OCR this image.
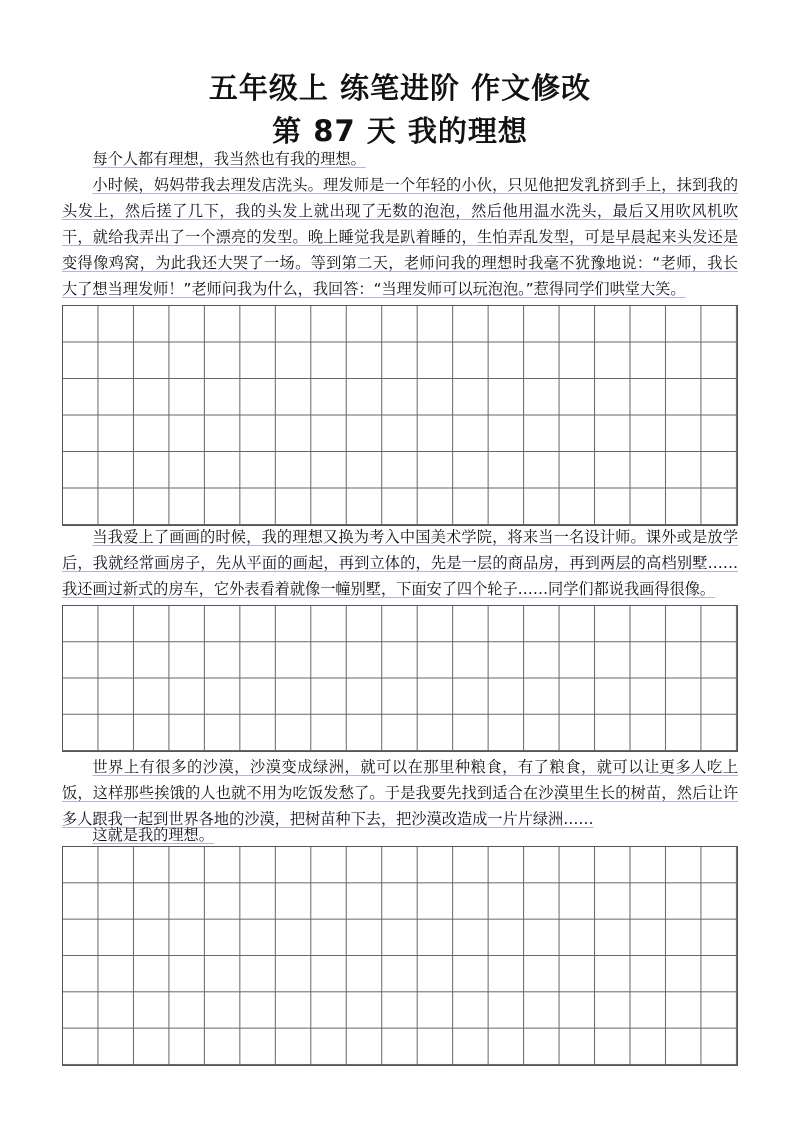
五年级上 练笔进阶 作文修改
第 87 天 我的理想

每个人都有理想，我当然也有我的理想。

小时候，妈妈带我去理发店洗头。理发师是一个年轻的小伙，只见他把发乳挤到手上，抹到我的头发上，然后搓了几下，我的头发上就出现了无数的泡泡，然后他用温水洗头，最后又用吹风机吹干，就给我弄出了一个漂亮的发型。晚上睡觉我是趴着睡的，生怕弄乱发型，可是早晨起来头发还是变得像鸡窝，为此我还大哭了一场。等到第二天，老师问我的理想时我毫不犹豫地说：“老师，我长大了想当理发师！”老师问我为什么，我回答：“当理发师可以玩泡泡。”惹得同学们哄堂大笑。

当我爱上了画画的时候，我的理想又换为考入中国美术学院，将来当一名设计师。课外或是放学后，我就经常画房子，先从平面的画起，再到立体的，先是一层的商品房，再到两层的高档别墅……我还画过新式的房车，它外表看着就像一幢别墅，下面安了四个轮子……同学们都说我画得很像。

世界上有很多的沙漠，沙漠变成绿洲，就可以在那里种粮食，有了粮食，就可以让更多人吃上饭，这样那些挨饿的人也就不用为吃饭发愁了。于是我要先找到适合在沙漠里生长的树苗，然后让许多人跟我一起到世界各地的沙漠，把树苗种下去，把沙漠改造成一片片绿洲……

这就是我的理想。
